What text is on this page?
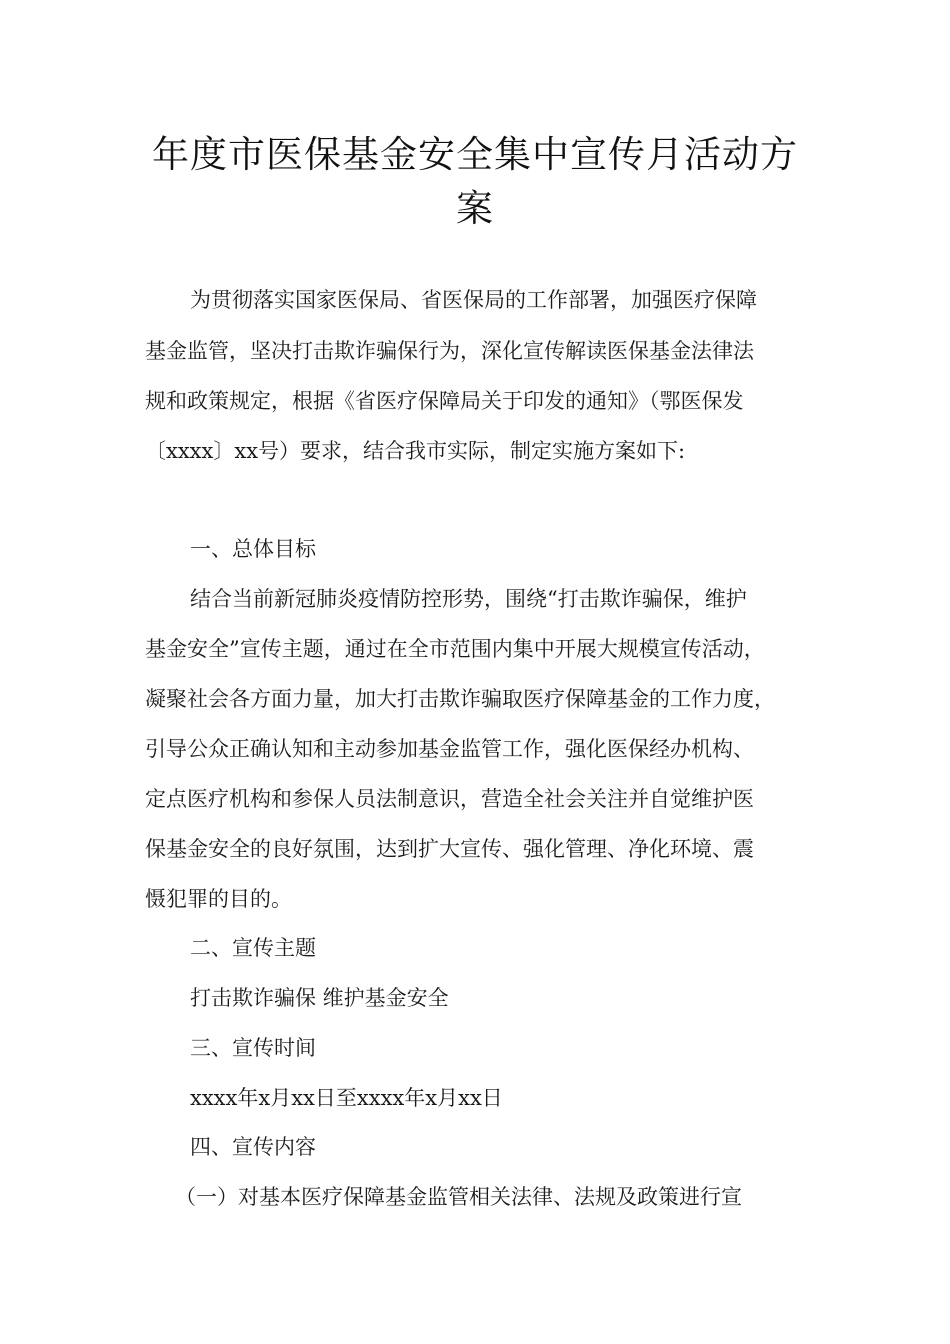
年度市医保基金安全集中宣传月活动方
案
为贯彻落实国家医保局、省医保局的工作部署，加强医疗保障
基金监管，坚决打击欺诈骗保行为，深化宣传解读医保基金法律法
规和政策规定，根据《省医疗保障局关于印发的通知》（鄂医保发
〔xxxx〕xx号）要求，结合我市实际，制定实施方案如下:
一、总体目标
结合当前新冠肺炎疫情防控形势，围绕“打击欺诈骗保，维护
基金安全”宣传主题，通过在全市范围内集中开展大规模宣传活动，
凝聚社会各方面力量，加大打击欺诈骗取医疗保障基金的工作力度，
引导公众正确认知和主动参加基金监管工作，强化医保经办机构、
定点医疗机构和参保人员法制意识，营造全社会关注并自觉维护医
保基金安全的良好氛围，达到扩大宣传、强化管理、净化环境、震
慑犯罪的目的。
二、宣传主题
打击欺诈骗保 维护基金安全
三、宣传时间
xxxx年x月xx日至xxxx年x月xx日
四、宣传内容
（一）对基本医疗保障基金监管相关法律、法规及政策进行宣
